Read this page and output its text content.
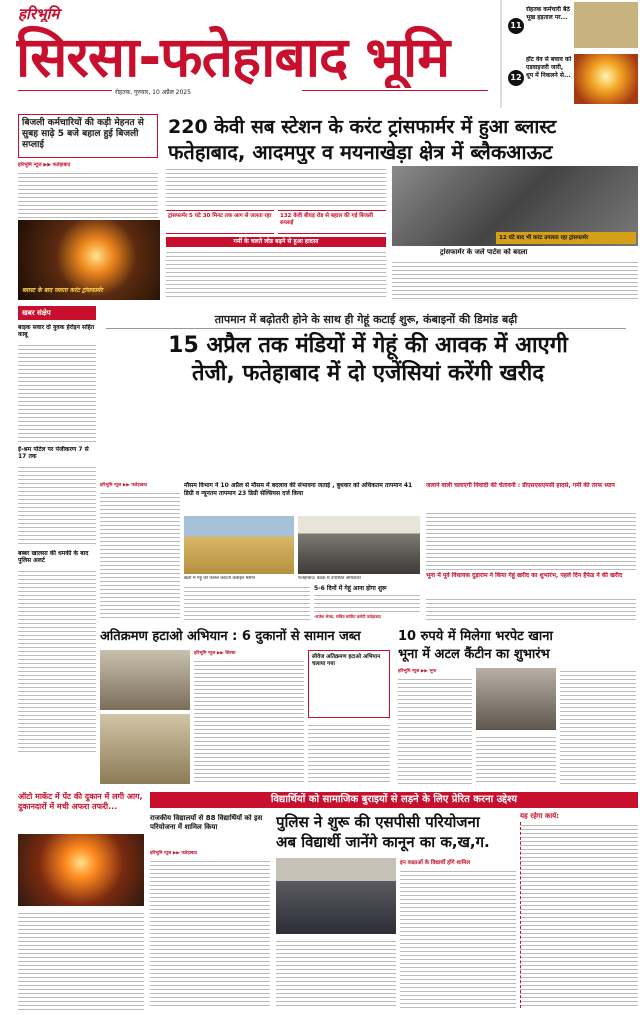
हरिभूमि
सिरसा-फतेहाबाद भूमि
रोहतक, गुरुवार, 10 अप्रैल 2025
11
रोहतक कर्मचारी बैठे भूख हड़ताल पर...
12
हॉट वेव से बचाव को एडवाइजरी जारी, धूप में निकलने से...
बिजली कर्मचारियों की कड़ी मेहनत से सुबह साढ़े 5 बजे बहाल हुई बिजली सप्लाई
220 केवी सब स्टेशन के करंट ट्रांसफार्मर में हुआ ब्लास्ट
फतेहाबाद, आदमपुर व मयनाखेड़ा क्षेत्र में ब्लैकआऊट
हरिभूमि न्यूज ▶▶ फतेहाबाद
ब्लास्ट के बाद जलता करंट ट्रांसफार्मर
ट्रांसफार्मर 5 घंटे 30 मिनट तक आग से जलता रहा	132 केवी बीघड़ रोड से बहाल की गई बिजली सप्लाई
गर्मी के चलते लोड बढ़ने से हुआ हादसा	12 घंटे बाद भी करंट उगलता रहा ट्रांसफार्मर
ट्रांसफार्मर के जले पार्टस को बदला
खबर संक्षेप
बाइक सवार दो युवक हेरोइन सहित काबू
ई-श्रम पोर्टल पर पंजीकरण 7 से 17 तक
बब्बर खालसा की धमकी के बाद पुलिस अलर्ट
तापमान में बढ़ोतरी होने के साथ ही गेहूं कटाई शुरू, कंबाइनों की डिमांड बढ़ी
15 अप्रैल तक मंडियों में गेहूं की आवक में आएगी
तेजी, फतेहाबाद में दो एजेंसियां करेंगी खरीद
हरिभूमि न्यूज ▶▶ फतेहाबाद	मौसम विभाग ने 10 अप्रैल से मौसम में बदलाव की संभावना जताई , बुधवार को अधिकतम तापमान 41 डिग्री व न्यूनतम तापमान 23 डिग्री सेल्सियस दर्ज किया
खेतों में गेहूं की फसल काटती कंबाइन मशीन	फतेहाबाद। बैठक में उपस्थित अधिकारी
5-6 दिनों में गेहूं आना होगा शुरू
-राजेश भेरवा, सचिव मार्किट कमेटी फतेहाबाद
जलाने वाली चलाएगी विवादी की चेतावनी : डीएसएसएमसी हादसे, गर्मी की तरफ ध्यान
भूना में पूर्व विधायक दुड़ाराम ने किया गेहूं खरीद का शुभारंभ, पहले दिन हैफेड ने की खरीद
अतिक्रमण हटाओ अभियान : 6 दुकानों से सामान जब्त
हरिभूमि न्यूज ▶▶ सिरसा
सीवेज अतिक्रमण हटाओ अभियान चलाया गया
10 रुपये में मिलेगा भरपेट खाना
भूना में अटल कैंटीन का शुभारंभ
हरिभूमि न्यूज ▶▶ भूना
ऑटो मार्केट में पेंट की दुकान में लगी आग, दुकानदारों में मची अफरा तफरी...
विद्यार्थियों को सामाजिक बुराइयों से लड़ने के लिए प्रेरित करना उद्देश्य
राजकीय विद्यालयों से 88 विद्यार्थियों को इस परियोजना में शामिल किया	पुलिस ने शुरू की एसपीसी परियोजना
अब विद्यार्थी जानेंगे कानून का क,ख,ग.
हरिभूमि न्यूज ▶▶ फतेहाबाद
इन कक्षाओं के विद्यार्थी होंगे शामिल
यह रहेगा कार्य:
